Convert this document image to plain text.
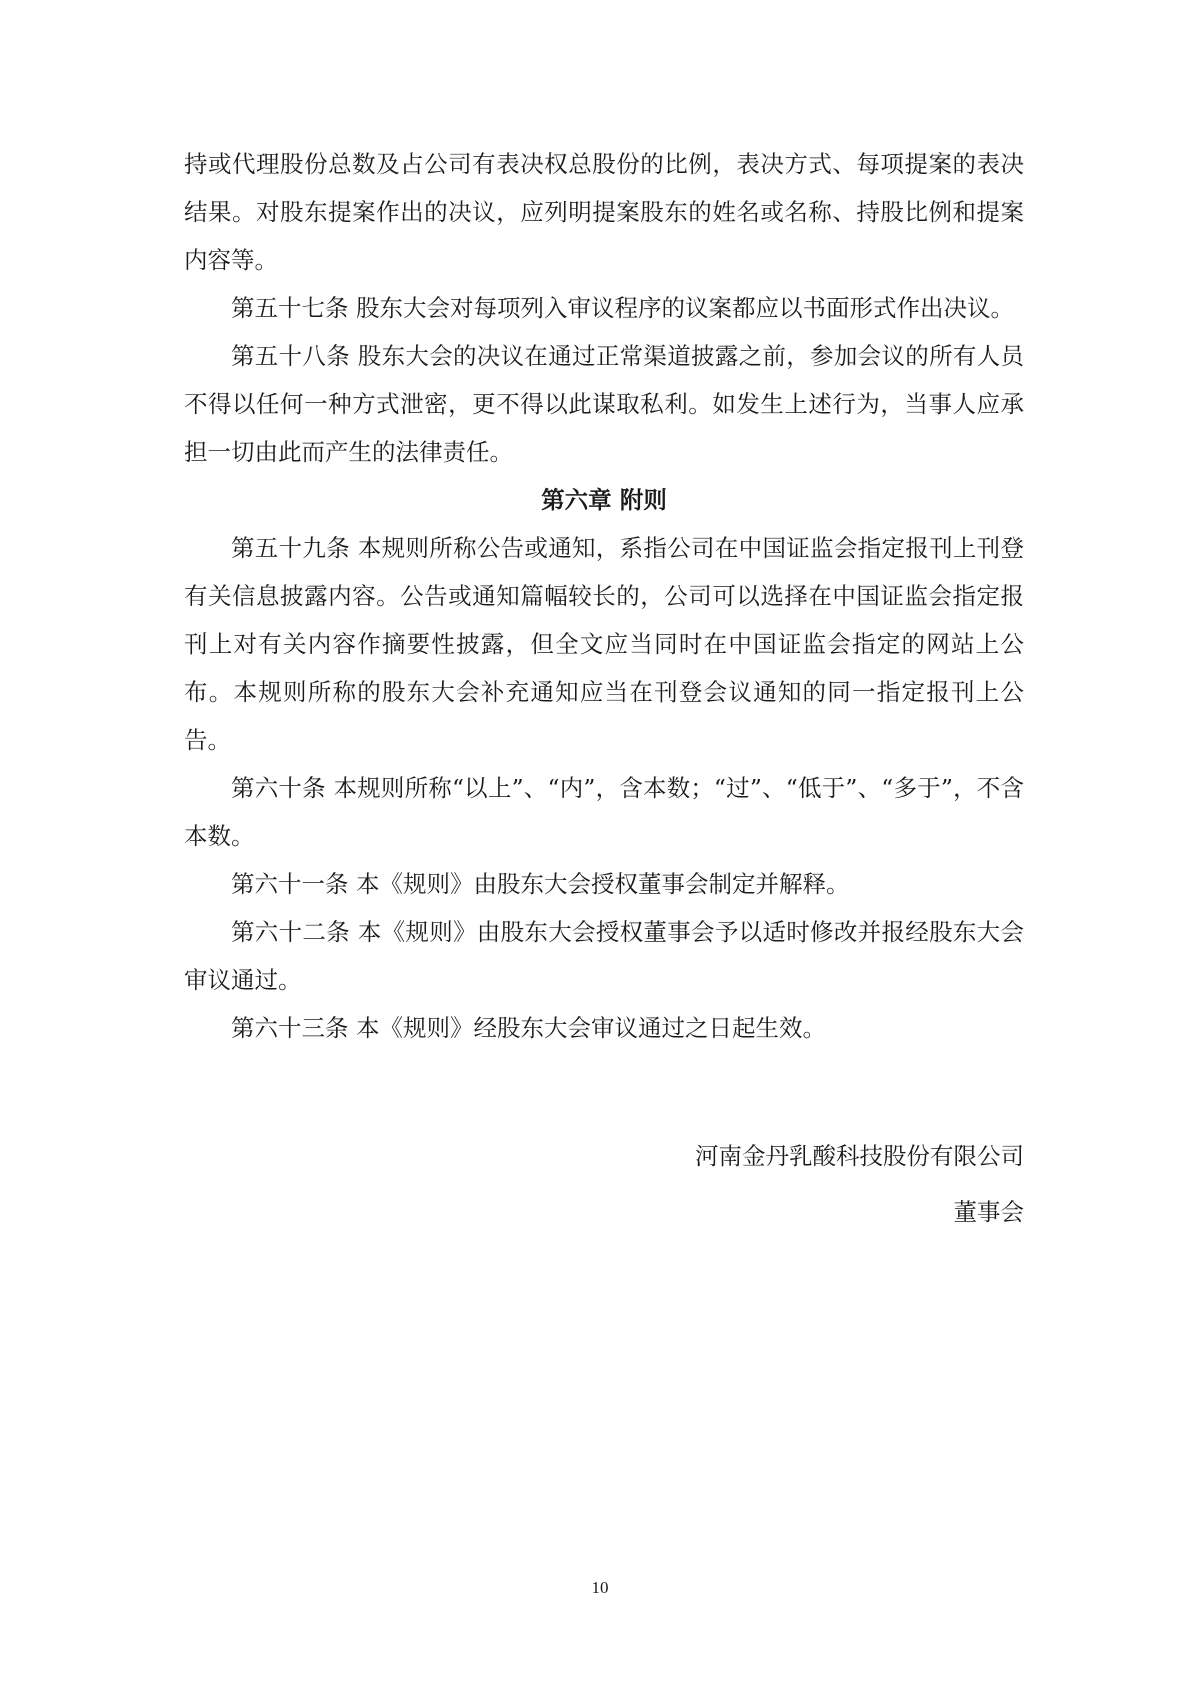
持或代理股份总数及占公司有表决权总股份的比例，表决方式、每项提案的表决结果。对股东提案作出的决议，应列明提案股东的姓名或名称、持股比例和提案内容等。

第五十七条 股东大会对每项列入审议程序的议案都应以书面形式作出决议。

第五十八条 股东大会的决议在通过正常渠道披露之前，参加会议的所有人员不得以任何一种方式泄密，更不得以此谋取私利。如发生上述行为，当事人应承担一切由此而产生的法律责任。

第六章 附则

第五十九条 本规则所称公告或通知，系指公司在中国证监会指定报刊上刊登有关信息披露内容。公告或通知篇幅较长的，公司可以选择在中国证监会指定报刊上对有关内容作摘要性披露，但全文应当同时在中国证监会指定的网站上公布。本规则所称的股东大会补充通知应当在刊登会议通知的同一指定报刊上公告。

第六十条 本规则所称“以上”、“内”，含本数；“过”、“低于”、“多于”，不含本数。

第六十一条 本《规则》由股东大会授权董事会制定并解释。

第六十二条 本《规则》由股东大会授权董事会予以适时修改并报经股东大会审议通过。

第六十三条 本《规则》经股东大会审议通过之日起生效。

河南金丹乳酸科技股份有限公司

董事会

10
